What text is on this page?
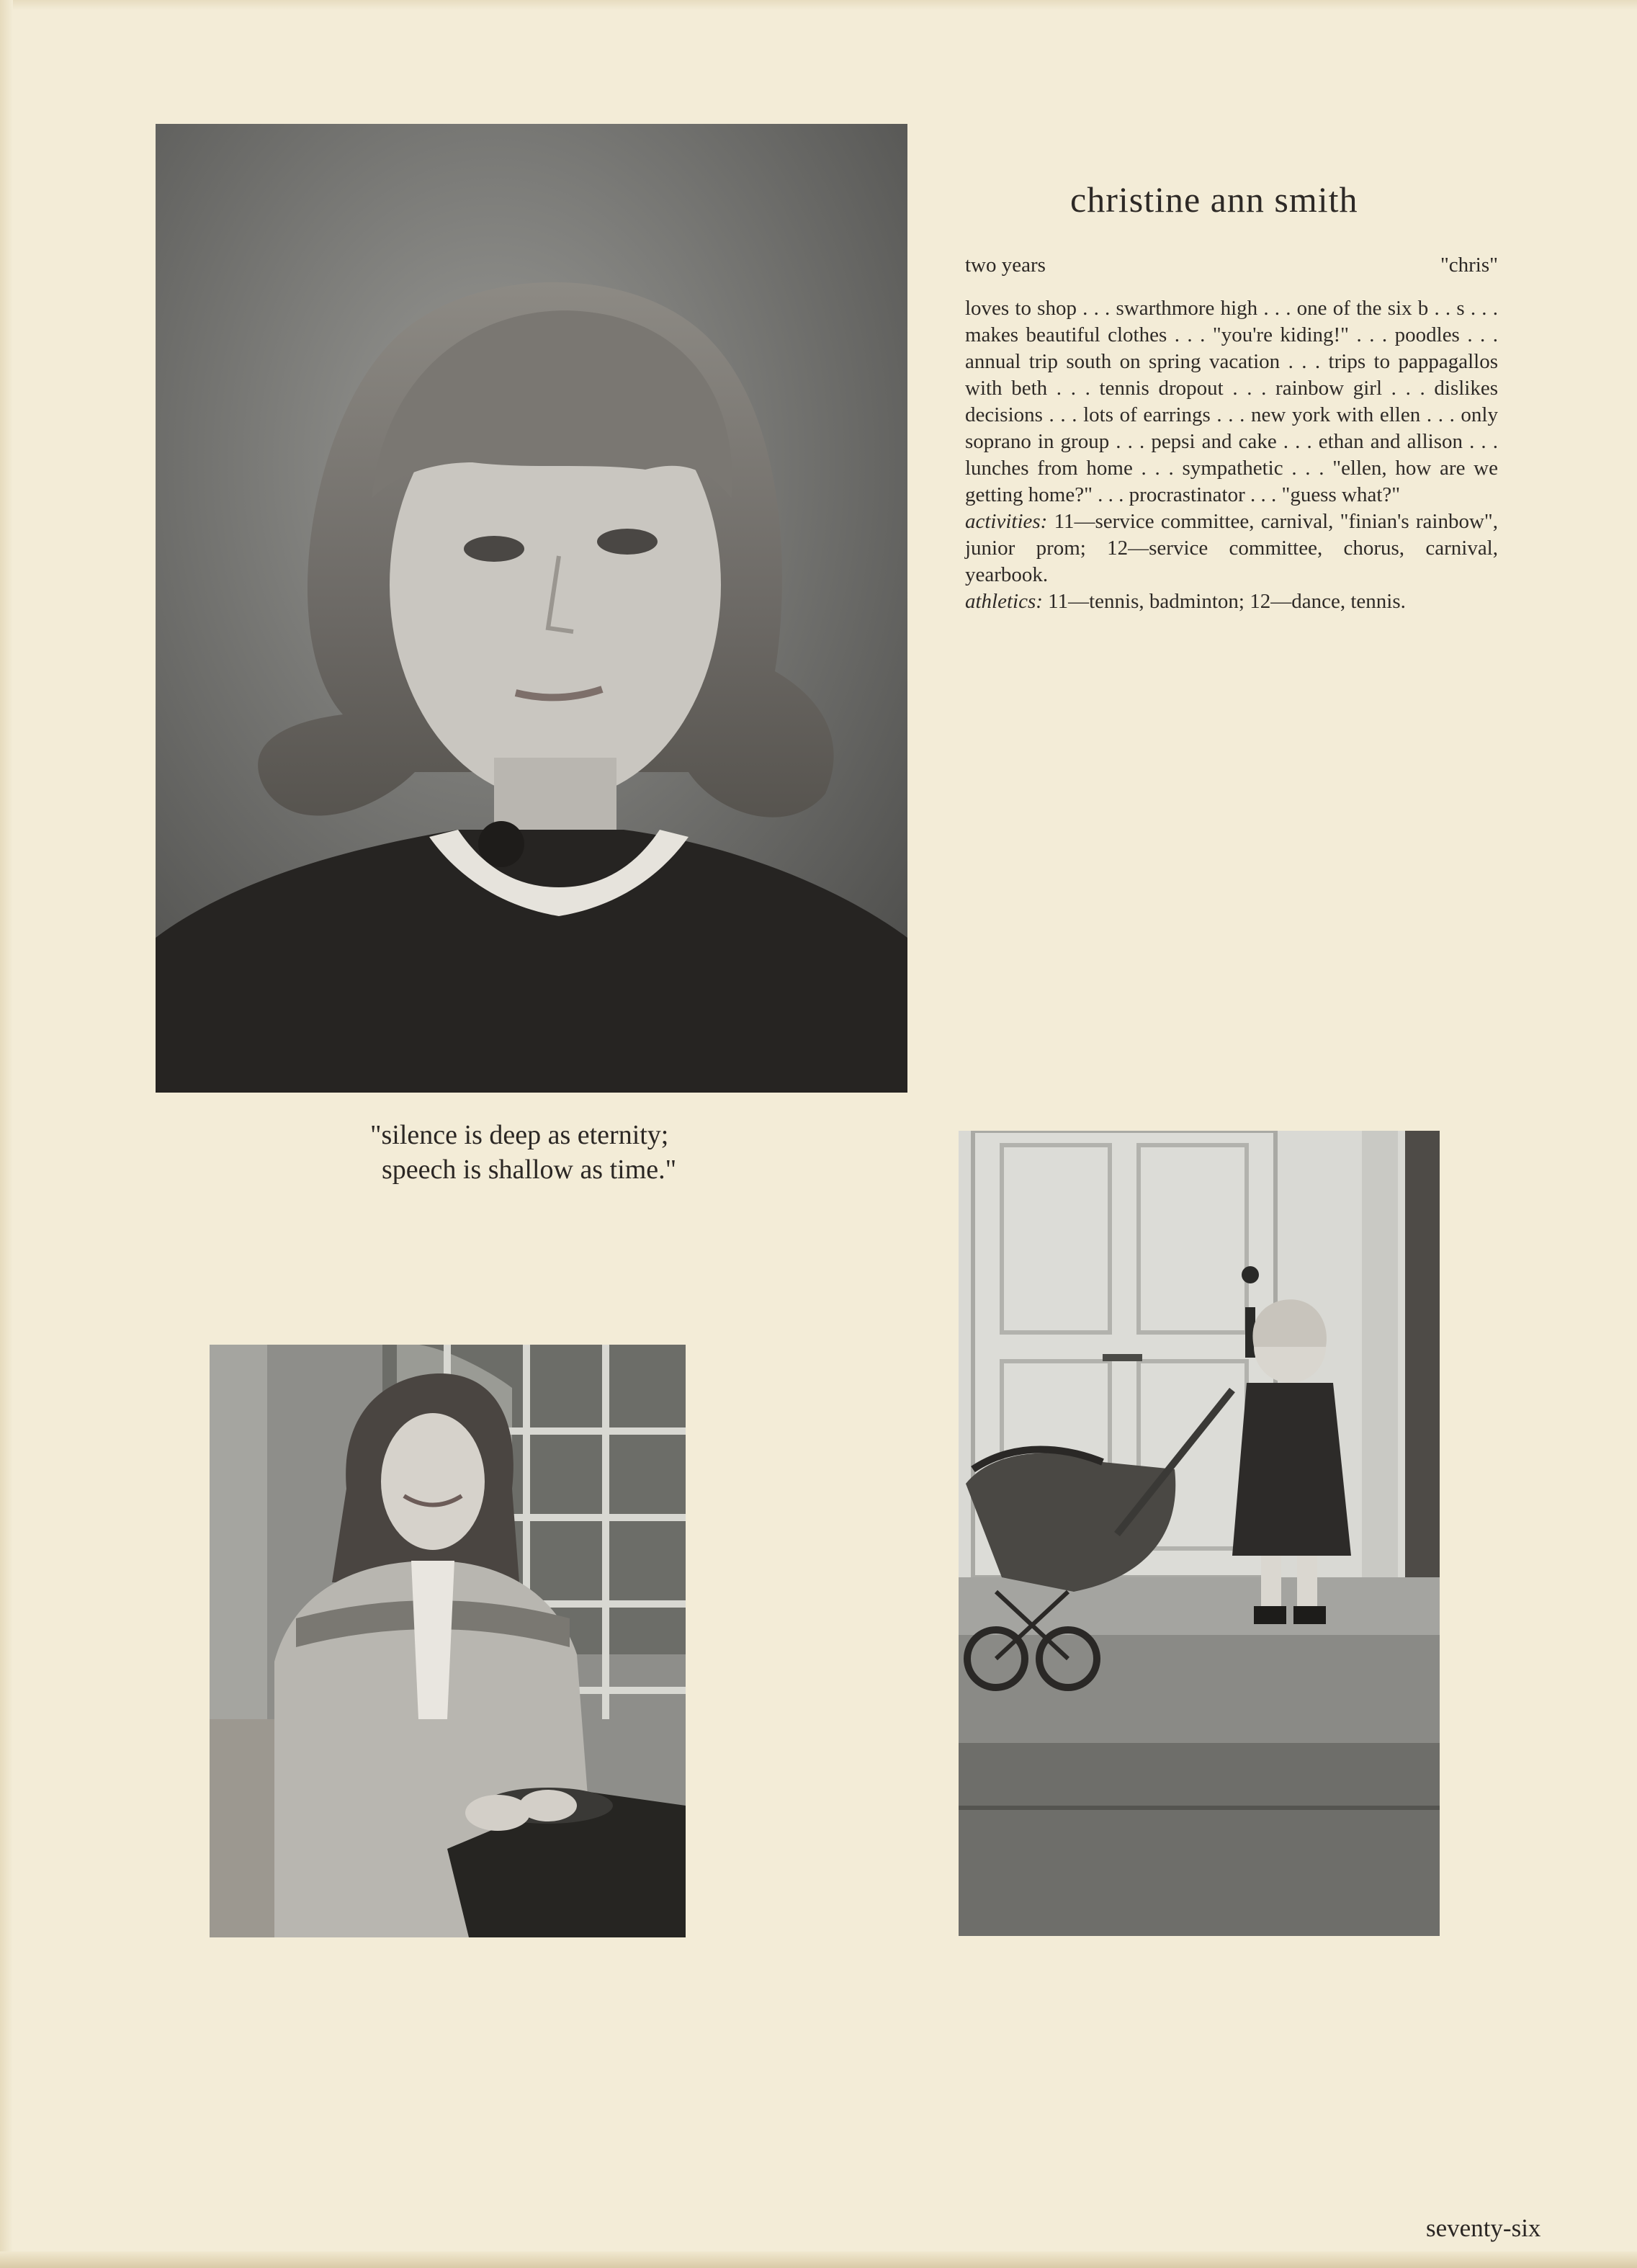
christine ann smith
two years	"chris"

loves to shop . . . swarthmore high . . . one of the six b . . s . . . makes beautiful clothes . . . "you're kiding!" . . . poodles . . . annual trip south on spring vacation . . . trips to pappagallos with beth . . . tennis dropout . . . rainbow girl . . . dislikes decisions . . . lots of earrings . . . new york with ellen . . . only soprano in group . . . pepsi and cake . . . ethan and allison . . . lunches from home . . . sympathetic . . . "ellen, how are we getting home?" . . . procrastinator . . . "guess what?"

activities: 11—service committee, carnival, "finian's rainbow", junior prom; 12—service committee, chorus, carnival, yearbook.

athletics: 11—tennis, badminton; 12—dance, tennis.

"silence is deep as eternity;
speech is shallow as time."
seventy-six
